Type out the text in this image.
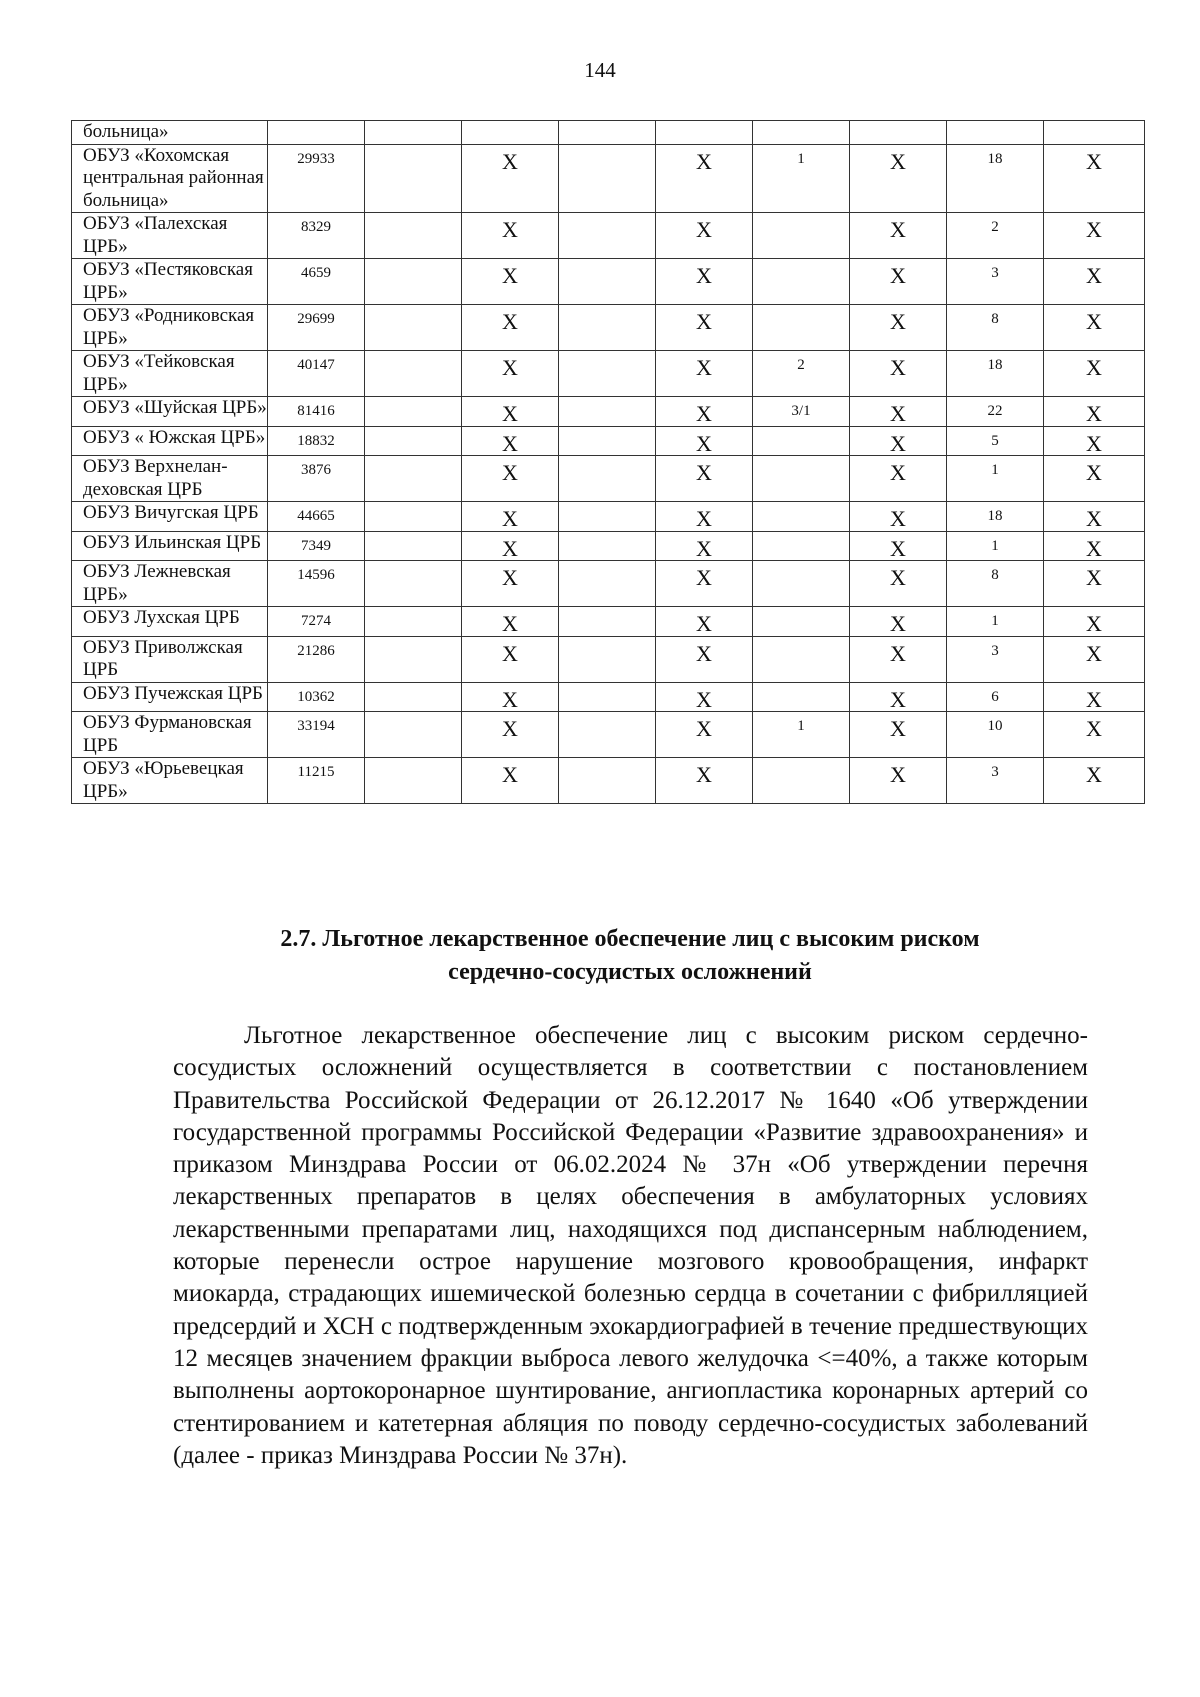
144
больница»									
ОБУЗ «Кохомская центральная районная больница»	29933		X		X	1	X	18	X
ОБУЗ «Палехская ЦРБ»	8329		X		X		X	2	X
ОБУЗ «Пестяковская ЦРБ»	4659		X		X		X	3	X
ОБУЗ «Родниковская ЦРБ»	29699		X		X		X	8	X
ОБУЗ «Тейковская ЦРБ»	40147		X		X	2	X	18	X
ОБУЗ «Шуйская ЦРБ»	81416		X		X	3/1	X	22	X
ОБУЗ « Южская ЦРБ»	18832		X		X		X	5	X
ОБУЗ Верхнелан-деховская ЦРБ	3876		X		X		X	1	X
ОБУЗ Вичугская ЦРБ	44665		X		X		X	18	X
ОБУЗ Ильинская ЦРБ	7349		X		X		X	1	X
ОБУЗ Лежневская ЦРБ»	14596		X		X		X	8	X
ОБУЗ Лухская ЦРБ	7274		X		X		X	1	X
ОБУЗ Приволжская ЦРБ	21286		X		X		X	3	X
ОБУЗ Пучежская ЦРБ	10362		X		X		X	6	X
ОБУЗ Фурмановская ЦРБ	33194		X		X	1	X	10	X
ОБУЗ «Юрьевецкая ЦРБ»	11215		X		X		X	3	X
2.7. Льготное лекарственное обеспечение лиц с высоким риском
сердечно-сосудистых осложнений

Льготное лекарственное обеспечение лиц с высоким риском сердечно-сосудистых осложнений осуществляется в соответствии с постановлением Правительства Российской Федерации от 26.12.2017 № 1640 «Об утверждении государственной программы Российской Федерации «Развитие здравоохранения» и приказом Минздрава России от 06.02.2024 № 37н «Об утверждении перечня лекарственных препаратов в целях обеспечения в амбулаторных условиях лекарственными препаратами лиц, находящихся под диспансерным наблюдением, которые перенесли острое нарушение мозгового кровообращения, инфаркт миокарда, страдающих ишемической болезнью сердца в сочетании с фибрилляцией предсердий и ХСН с подтвержденным эхокардиографией в течение предшествующих 12 месяцев значением фракции выброса левого желудочка <=40%, а также которым выполнены аортокоронарное шунтирование, ангиопластика коронарных артерий со стентированием и катетерная абляция по поводу сердечно-сосудистых заболеваний (далее - приказ Минздрава России № 37н).
